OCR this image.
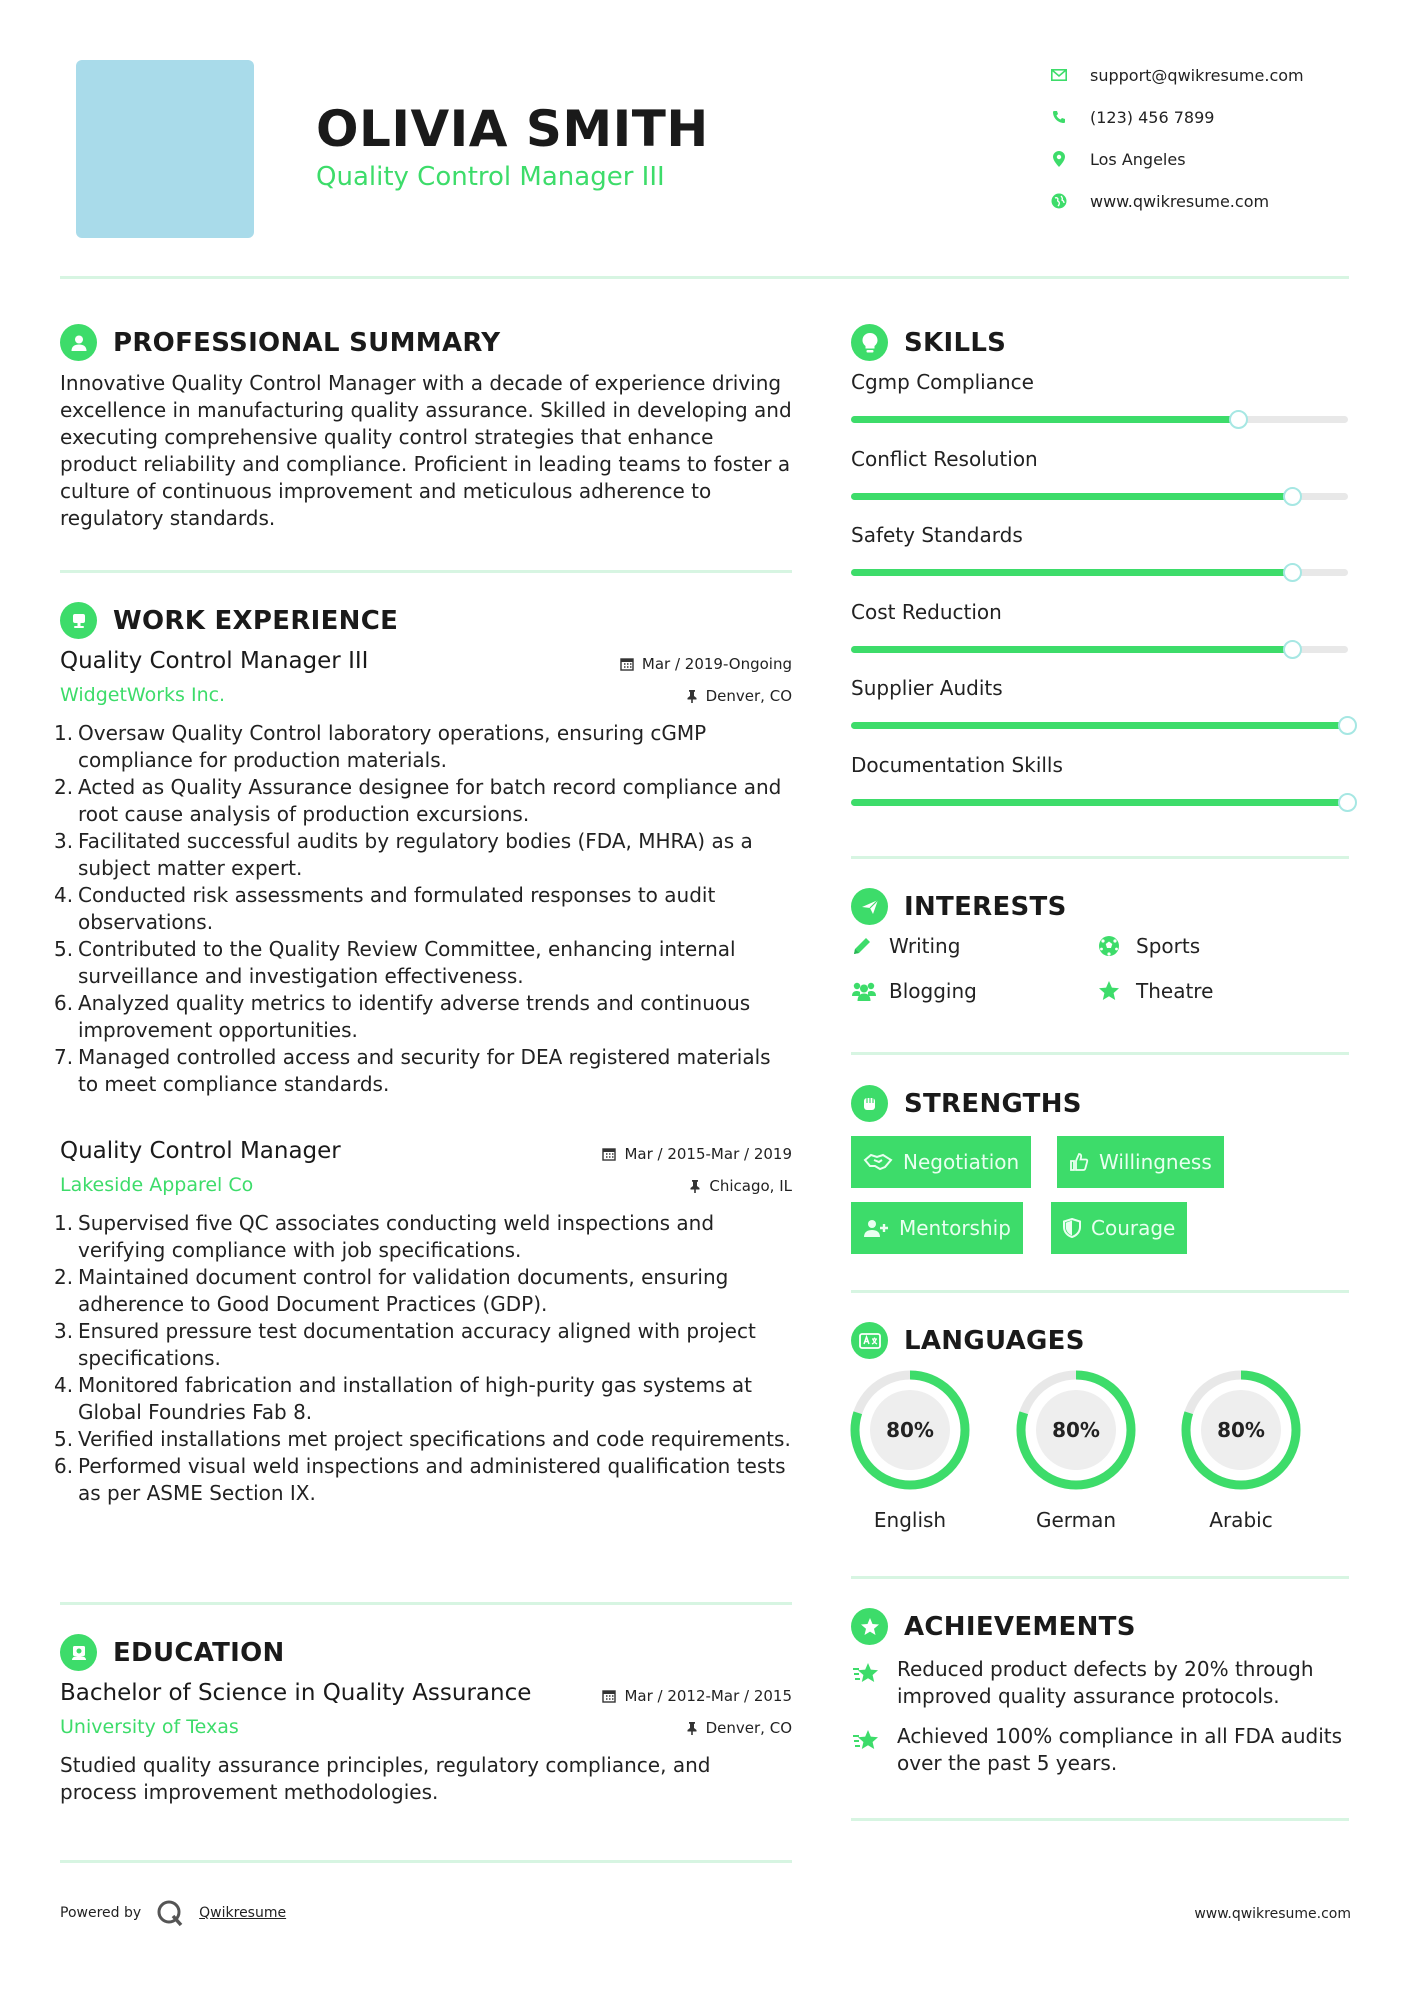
OLIVIA SMITH
Quality Control Manager III
support@qwikresume.com
(123) 456 7899
Los Angeles
www.qwikresume.com
PROFESSIONAL SUMMARY

Innovative Quality Control Manager with a decade of experience driving excellence in manufacturing quality assurance. Skilled in developing and executing comprehensive quality control strategies that enhance product reliability and compliance. Proficient in leading teams to foster a culture of continuous improvement and meticulous adherence to regulatory standards.

WORK EXPERIENCE
Quality Control Manager III
WidgetWorks Inc.
Mar / 2019-Ongoing
Denver, CO
1. Oversaw Quality Control laboratory operations, ensuring cGMP compliance for production materials.
2. Acted as Quality Assurance designee for batch record compliance and root cause analysis of production excursions.
3. Facilitated successful audits by regulatory bodies (FDA, MHRA) as a subject matter expert.
4. Conducted risk assessments and formulated responses to audit observations.
5. Contributed to the Quality Review Committee, enhancing internal surveillance and investigation effectiveness.
6. Analyzed quality metrics to identify adverse trends and continuous improvement opportunities.
7. Managed controlled access and security for DEA registered materials to meet compliance standards.
Quality Control Manager
Lakeside Apparel Co
Mar / 2015-Mar / 2019
Chicago, IL
1. Supervised five QC associates conducting weld inspections and verifying compliance with job specifications.
2. Maintained document control for validation documents, ensuring adherence to Good Document Practices (GDP).
3. Ensured pressure test documentation accuracy aligned with project specifications.
4. Monitored fabrication and installation of high-purity gas systems at Global Foundries Fab 8.
5. Verified installations met project specifications and code requirements.
6. Performed visual weld inspections and administered qualification tests as per ASME Section IX.
EDUCATION
Bachelor of Science in Quality Assurance
University of Texas
Mar / 2012-Mar / 2015
Denver, CO

Studied quality assurance principles, regulatory compliance, and process improvement methodologies.

SKILLS
Cgmp Compliance
Conflict Resolution
Safety Standards
Cost Reduction
Supplier Audits
Documentation Skills
INTERESTS
Writing	Sports
Blogging	Theatre
STRENGTHS
Negotiation	Willingness
Mentorship	Courage
LANGUAGES
80%
English
80%
German
80%
Arabic
ACHIEVEMENTS
Reduced product defects by 20% through improved quality assurance protocols.
Achieved 100% compliance in all FDA audits over the past 5 years.
Powered by	Qwikresume	www.qwikresume.com
